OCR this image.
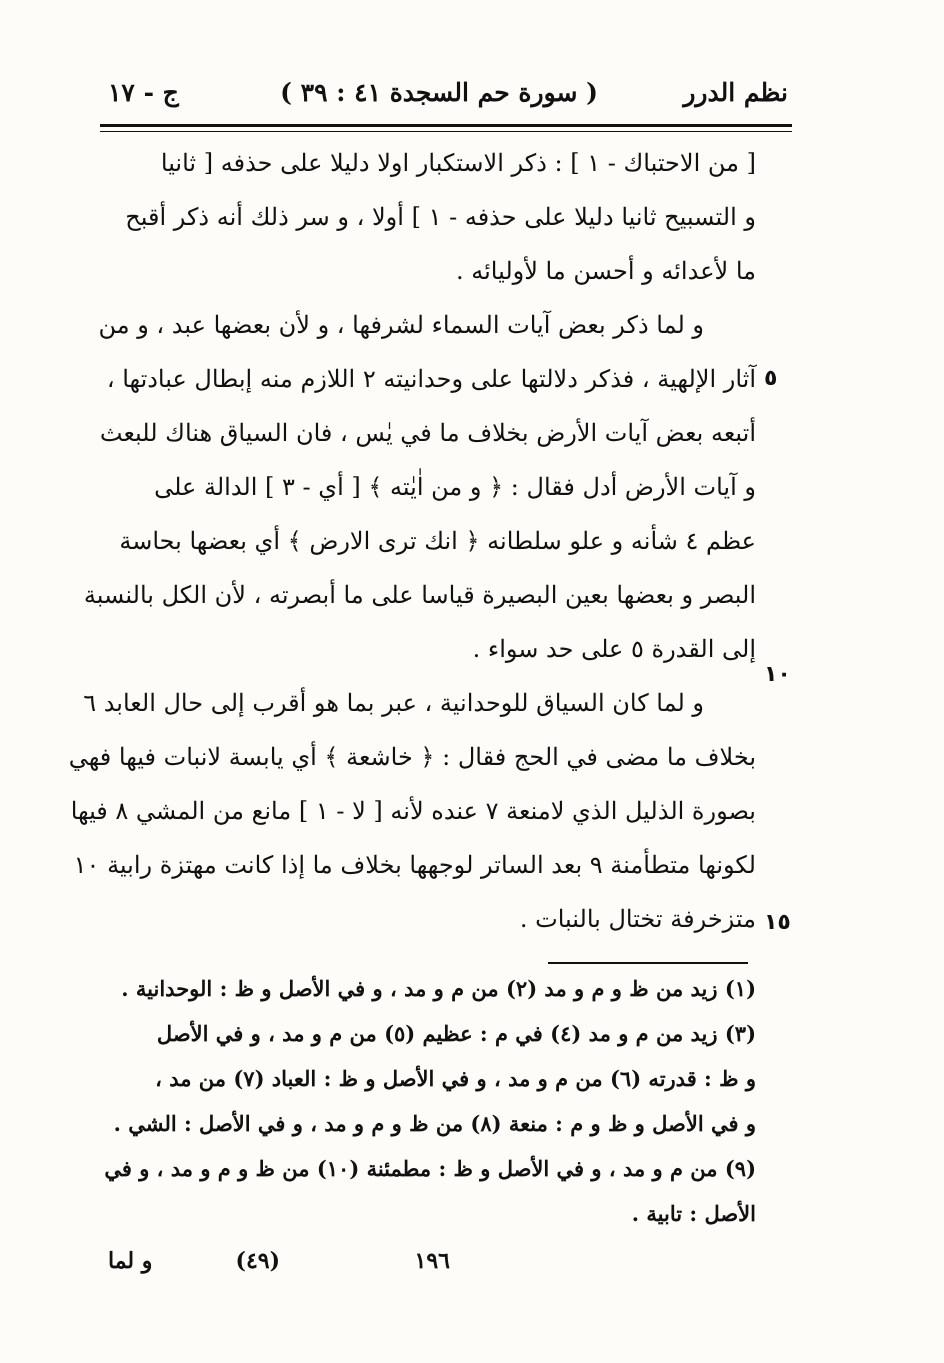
نظم الدرر
( سورة حم السجدة ٤١ : ٣٩ )
ج - ١٧
[ من الاحتباك - ١ ] : ذكر الاستكبار اولا دليلا على حذفه [ ثانيا
و التسبيح ثانيا دليلا على حذفه - ١ ] أولا ، و سر ذلك أنه ذكر أقبح
ما لأعدائه و أحسن ما لأوليائه .
و لما ذكر بعض آيات السماء لشرفها ، و لأن بعضها عبد ، و من
آثار الإلهية ، فذكر دلالتها على وحدانيته ٢ اللازم منه إبطال عبادتها ،
أتبعه بعض آيات الأرض بخلاف ما في يٰس ، فان السياق هناك للبعث
و آيات الأرض أدل فقال : ﴿ و من اٰيٰته ﴾ [ أي - ٣ ] الدالة على
عظم ٤ شأنه و علو سلطانه ﴿ انك ترى الارض ﴾ أي بعضها بحاسة
البصر و بعضها بعين البصيرة قياسا على ما أبصرته ، لأن الكل بالنسبة
إلى القدرة ٥ على حد سواء .
و لما كان السياق للوحدانية ، عبر بما هو أقرب إلى حال العابد ٦
بخلاف ما مضى في الحج فقال : ﴿ خاشعة ﴾ أي يابسة لانبات فيها فهي
بصورة الذليل الذي لامنعة ٧ عنده لأنه [ لا - ١ ] مانع من المشي ٨ فيها
لكونها متطأمنة ٩ بعد الساتر لوجهها بخلاف ما إذا كانت مهتزة رابية ١٠
متزخرفة تختال بالنبات .
٥
١٠
١٥
(١) زيد من ظ و م و مد (٢) من م و مد ، و في الأصل و ظ : الوحدانية .
(٣) زيد من م و مد (٤) في م : عظيم (٥) من م و مد ، و في الأصل
و ظ : قدرته (٦) من م و مد ، و في الأصل و ظ : العباد (٧) من مد ،
و في الأصل و ظ و م : منعة (٨) من ظ و م و مد ، و في الأصل : الشي .
(٩) من م و مد ، و في الأصل و ظ : مطمئنة (١٠) من ظ و م و مد ، و في
الأصل : تابية .
١٩٦
(٤٩)
و لما
